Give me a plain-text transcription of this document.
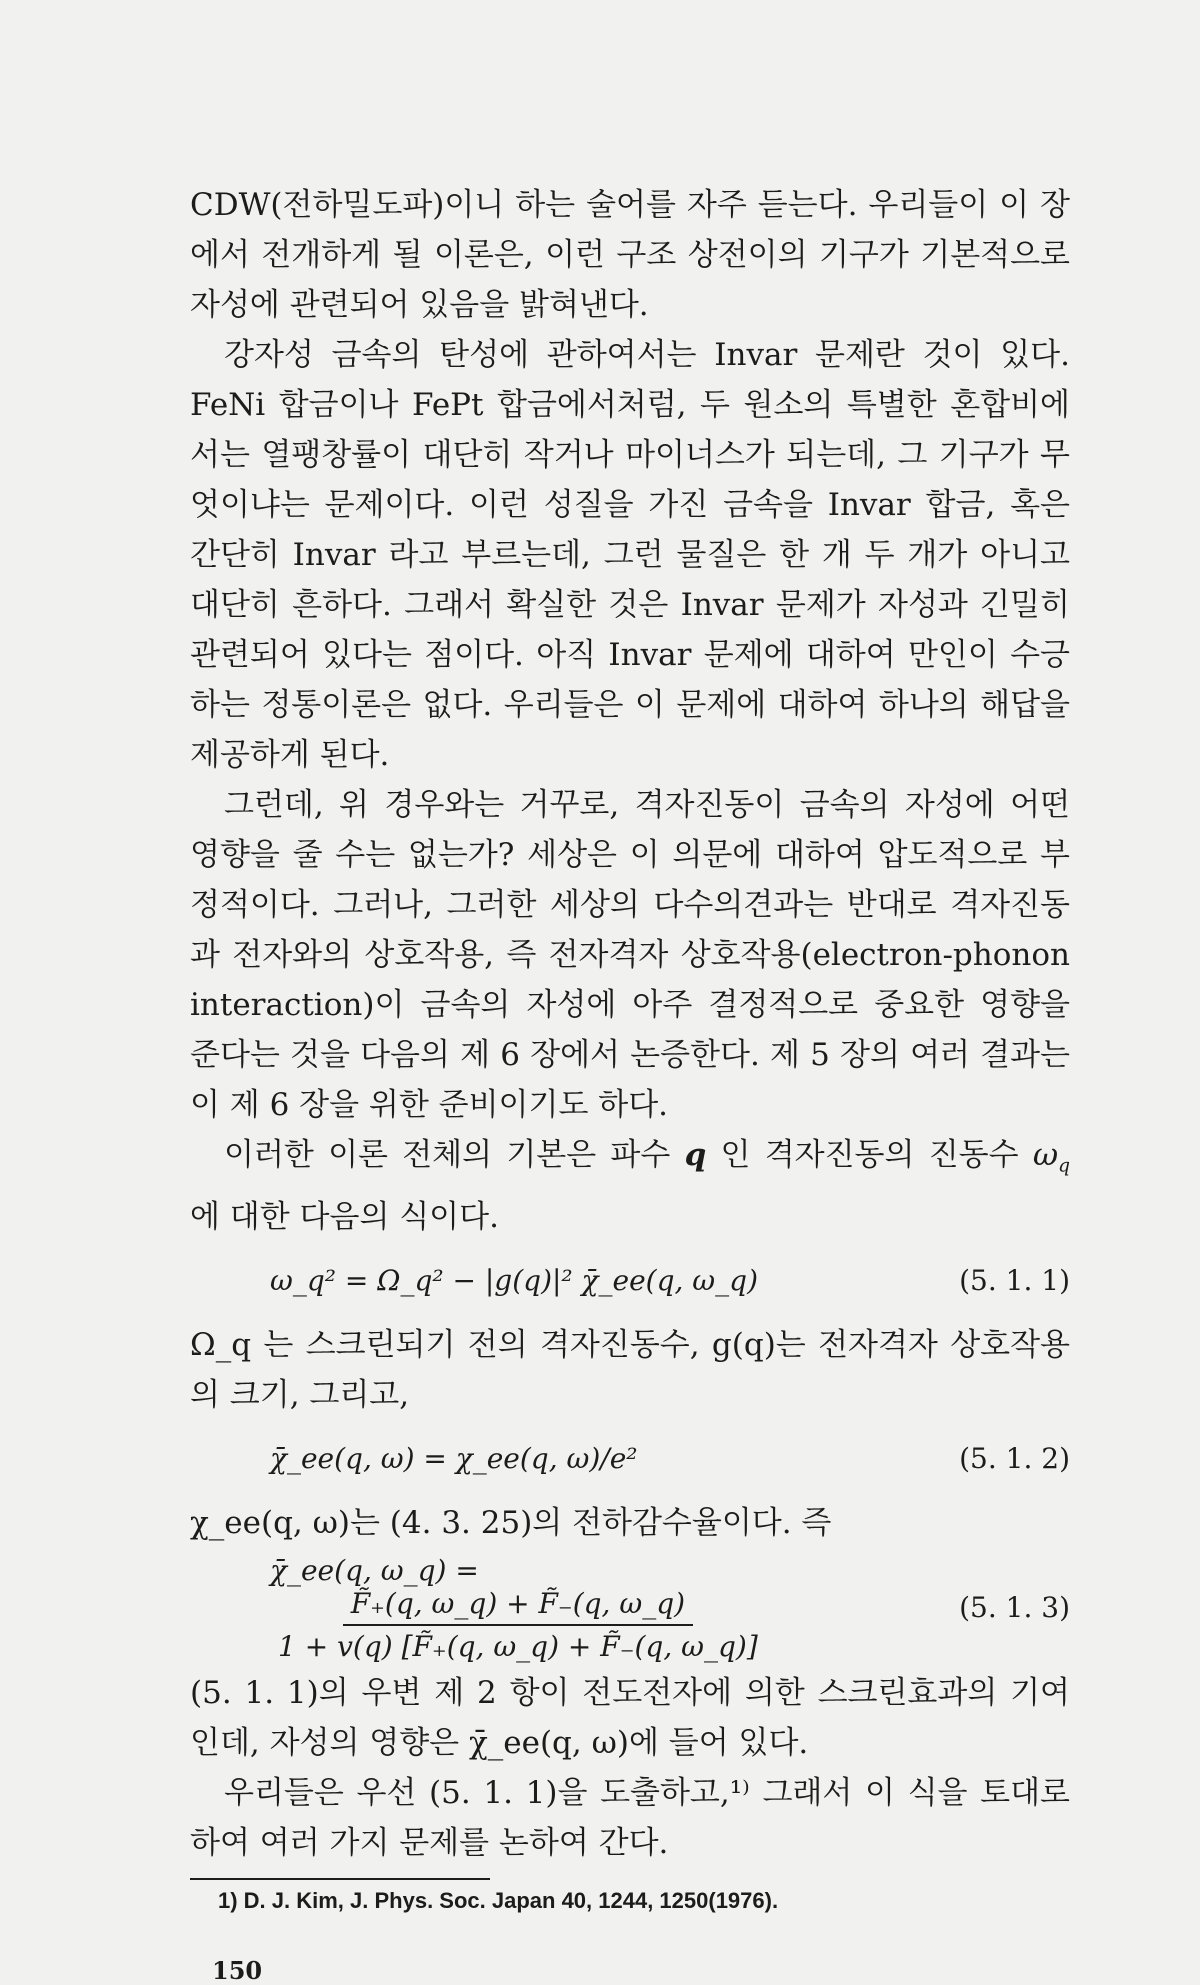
CDW(전하밀도파)이니 하는 술어를 자주 듣는다. 우리들이 이 장에서 전개하게 될 이론은, 이런 구조 상전이의 기구가 기본적으로 자성에 관련되어 있음을 밝혀낸다.

강자성 금속의 탄성에 관하여서는 Invar 문제란 것이 있다. FeNi 합금이나 FePt 합금에서처럼, 두 원소의 특별한 혼합비에서는 열팽창률이 대단히 작거나 마이너스가 되는데, 그 기구가 무엇이냐는 문제이다. 이런 성질을 가진 금속을 Invar 합금, 혹은 간단히 Invar 라고 부르는데, 그런 물질은 한 개 두 개가 아니고 대단히 흔하다. 그래서 확실한 것은 Invar 문제가 자성과 긴밀히 관련되어 있다는 점이다. 아직 Invar 문제에 대하여 만인이 수긍하는 정통이론은 없다. 우리들은 이 문제에 대하여 하나의 해답을 제공하게 된다.

그런데, 위 경우와는 거꾸로, 격자진동이 금속의 자성에 어떤 영향을 줄 수는 없는가? 세상은 이 의문에 대하여 압도적으로 부정적이다. 그러나, 그러한 세상의 다수의견과는 반대로 격자진동과 전자와의 상호작용, 즉 전자격자 상호작용(electron-phonon interaction)이 금속의 자성에 아주 결정적으로 중요한 영향을 준다는 것을 다음의 제 6 장에서 논증한다. 제 5 장의 여러 결과는 이 제 6 장을 위한 준비이기도 하다.

이러한 이론 전체의 기본은 파수 q 인 격자진동의 진동수 $\omega_q$ 에 대한 다음의 식이다.

ω_q² = Ω_q² − |g(q)|² χ̄_ee(q, ω_q)	(5. 1. 1)

Ω_q 는 스크린되기 전의 격자진동수, g(q)는 전자격자 상호작용의 크기, 그리고,

χ̄_ee(q, ω) = χ_ee(q, ω)/e²	(5. 1. 2)

χ_ee(q, ω)는 (4. 3. 25)의 전하감수율이다. 즉

χ̄_ee(q, ω_q) =
$\frac{F̃_+(q, \omega\_q) + F̃_-(q, \omega\_q)}{1 + v(q) [F̃_+(q, \omega\_q) + F̃_-(q, \omega\_q)]}$	(5. 1. 3)

(5. 1. 1)의 우변 제 2 항이 전도전자에 의한 스크린효과의 기여인데, 자성의 영향은 χ̄_ee(q, ω)에 들어 있다.

우리들은 우선 (5. 1. 1)을 도출하고,¹⁾ 그래서 이 식을 토대로 하여 여러 가지 문제를 논하여 간다.

1) D. J. Kim, J. Phys. Soc. Japan 40, 1244, 1250(1976).

150
